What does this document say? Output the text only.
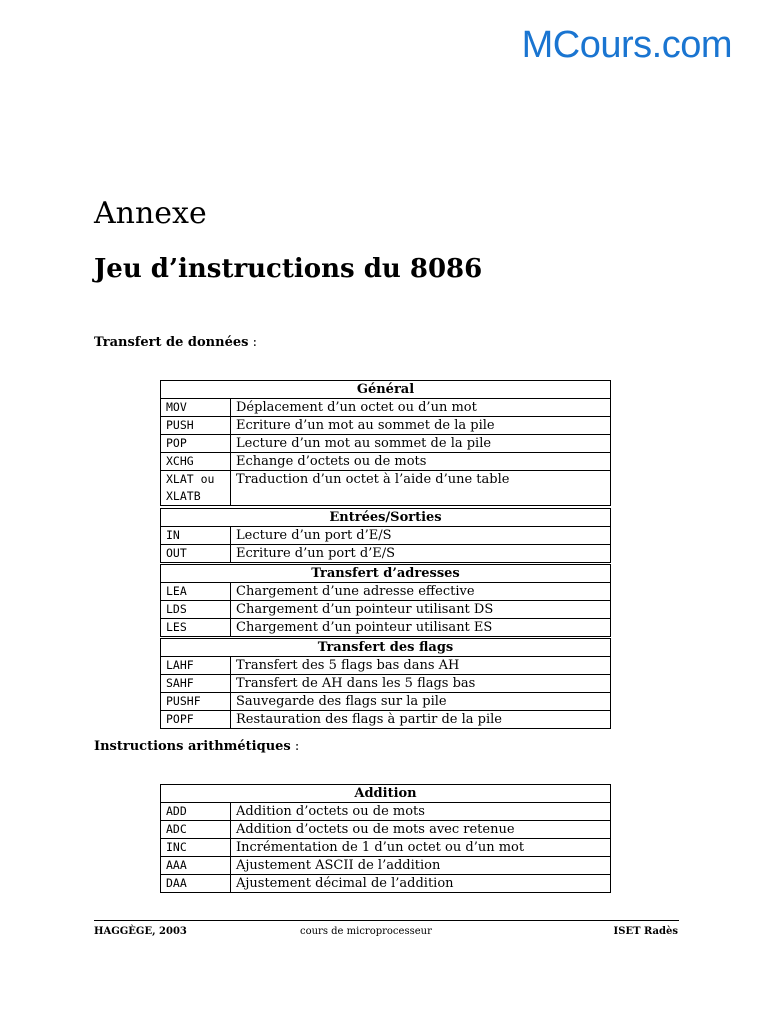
MCours.com
Annexe
Jeu d’instructions du 8086
Transfert de données :
Général	
MOV	Déplacement d’un octet ou d’un mot
PUSH	Ecriture d’un mot au sommet de la pile
POP	Lecture d’un mot au sommet de la pile
XCHG	Echange d’octets ou de mots

XLAT ou
XLATB	Traduction d’un octet à l’aide d’une table
Entrées/Sorties	
IN	Lecture d’un port d’E/S
OUT	Ecriture d’un port d’E/S
Transfert d’adresses	
LEA	Chargement d’une adresse effective
LDS	Chargement d’un pointeur utilisant DS
LES	Chargement d’un pointeur utilisant ES
Transfert des flags	
LAHF	Transfert des 5 flags bas dans AH
SAHF	Transfert de AH dans les 5 flags bas
PUSHF	Sauvegarde des flags sur la pile
POPF	Restauration des flags à partir de la pile
Instructions arithmétiques :
Addition	
ADD	Addition d’octets ou de mots
ADC	Addition d’octets ou de mots avec retenue
INC	Incrémentation de 1 d’un octet ou d’un mot
AAA	Ajustement ASCII de l’addition
DAA	Ajustement décimal de l’addition
HAGGÈGE, 2003	cours de microprocesseur	ISET Radès
